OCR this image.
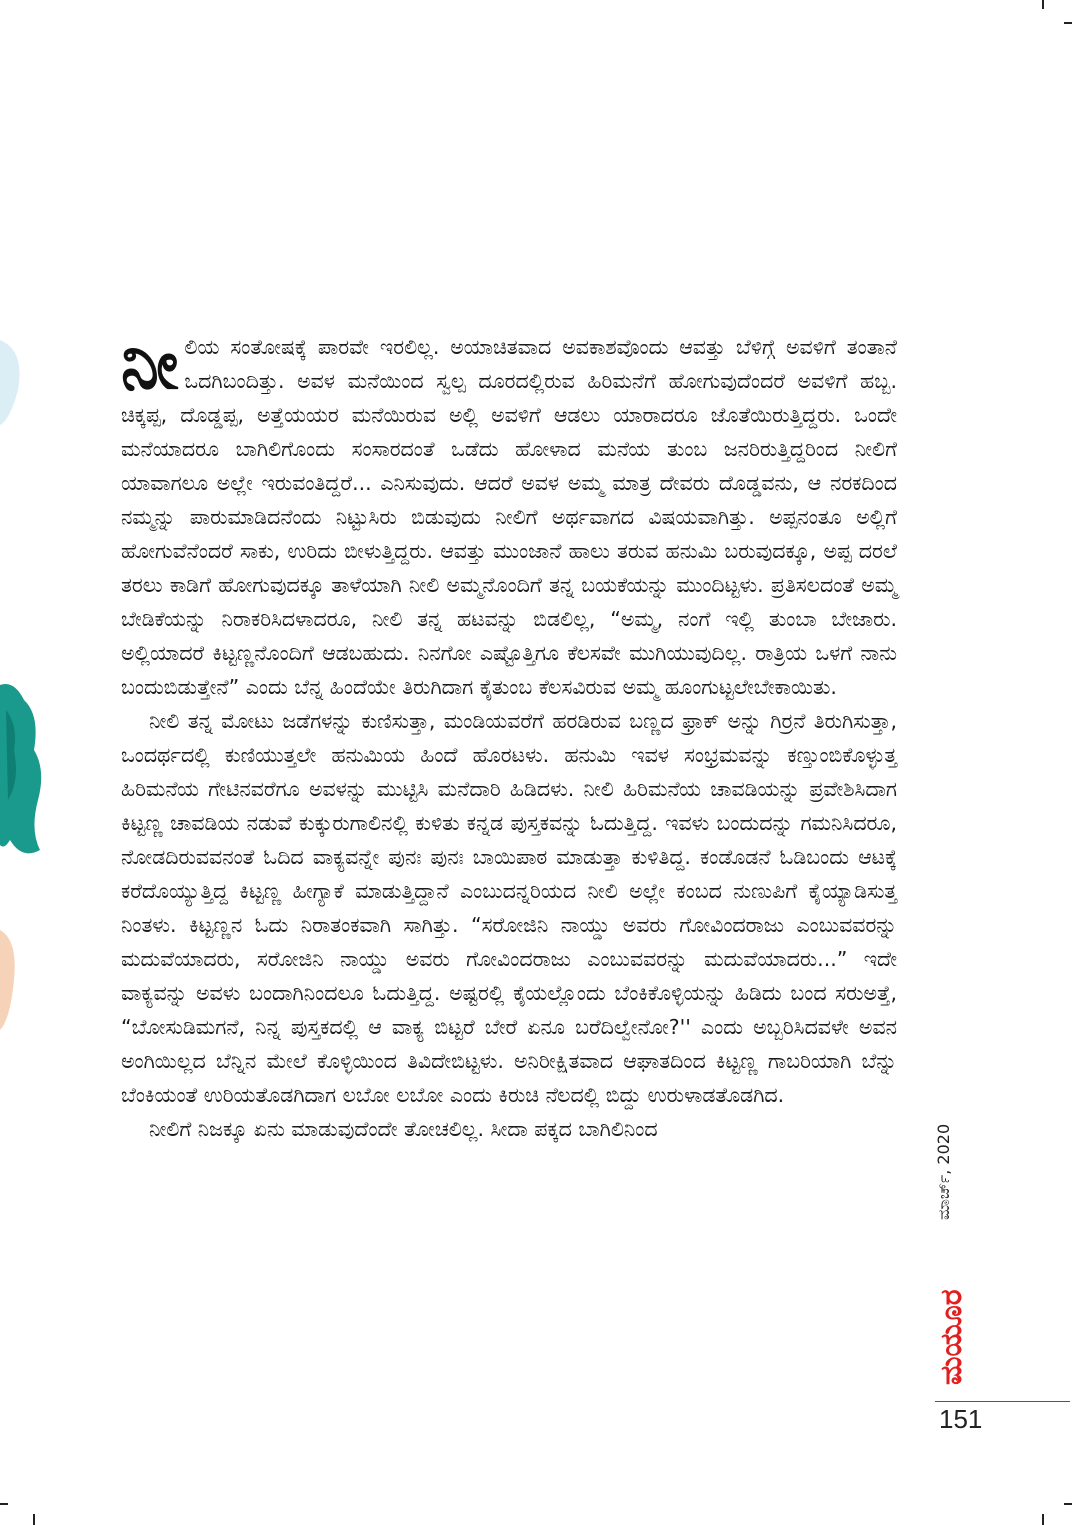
ನೀ ಲಿಯ ಸಂತೋಷಕ್ಕೆ ಪಾರವೇ ಇರಲಿಲ್ಲ. ಅಯಾಚಿತವಾದ ಅವಕಾಶವೊಂದು ಆವತ್ತು ಬೆಳಿಗ್ಗೆ ಅವಳಿಗೆ ತಂತಾನೆ ಒದಗಿಬಂದಿತ್ತು. ಅವಳ ಮನೆಯಿಂದ ಸ್ವಲ್ಪ ದೂರದಲ್ಲಿರುವ ಹಿರಿಮನೆಗೆ ಹೋಗುವುದೆಂದರೆ ಅವಳಿಗೆ ಹಬ್ಬ. ಚಿಕ್ಕಪ್ಪ, ದೊಡ್ಡಪ್ಪ, ಅತ್ತೆಯಯರ ಮನೆಯಿರುವ ಅಲ್ಲಿ ಅವಳಿಗೆ ಆಡಲು ಯಾರಾದರೂ ಜೊತೆಯಿರುತ್ತಿದ್ದರು. ಒಂದೇ ಮನೆಯಾದರೂ ಬಾಗಿಲಿಗೊಂದು ಸಂಸಾರದಂತೆ ಒಡೆದು ಹೋಳಾದ ಮನೆಯ ತುಂಬ ಜನರಿರುತ್ತಿದ್ದರಿಂದ ನೀಲಿಗೆ ಯಾವಾಗಲೂ ಅಲ್ಲೇ ಇರುವಂತಿದ್ದರೆ... ಎನಿಸುವುದು. ಆದರೆ ಅವಳ ಅಮ್ಮ ಮಾತ್ರ ದೇವರು ದೊಡ್ಡವನು, ಆ ನರಕದಿಂದ ನಮ್ಮನ್ನು ಪಾರುಮಾಡಿದನೆಂದು ನಿಟ್ಟುಸಿರು ಬಿಡುವುದು ನೀಲಿಗೆ ಅರ್ಥವಾಗದ ವಿಷಯವಾಗಿತ್ತು. ಅಪ್ಪನಂತೂ ಅಲ್ಲಿಗೆ ಹೋಗುವೆನೆಂದರೆ ಸಾಕು, ಉರಿದು ಬೀಳುತ್ತಿದ್ದರು. ಆವತ್ತು ಮುಂಜಾನೆ ಹಾಲು ತರುವ ಹನುಮಿ ಬರುವುದಕ್ಕೂ, ಅಪ್ಪ ದರಲೆ ತರಲು ಕಾಡಿಗೆ ಹೋಗುವುದಕ್ಕೂ ತಾಳೆಯಾಗಿ ನೀಲಿ ಅಮ್ಮನೊಂದಿಗೆ ತನ್ನ ಬಯಕೆಯನ್ನು ಮುಂದಿಟ್ಟಳು. ಪ್ರತಿಸಲದಂತೆ ಅಮ್ಮ ಬೇಡಿಕೆಯನ್ನು ನಿರಾಕರಿಸಿದಳಾದರೂ, ನೀಲಿ ತನ್ನ ಹಟವನ್ನು ಬಿಡಲಿಲ್ಲ, “ಅಮ್ಮ, ನಂಗೆ ಇಲ್ಲಿ ತುಂಬಾ ಬೇಜಾರು. ಅಲ್ಲಿಯಾದರೆ ಕಿಟ್ಟಣ್ಣನೊಂದಿಗೆ ಆಡಬಹುದು. ನಿನಗೋ ಎಷ್ಟೊತ್ತಿಗೂ ಕೆಲಸವೇ ಮುಗಿಯುವುದಿಲ್ಲ. ರಾತ್ರಿಯ ಒಳಗೆ ನಾನು ಬಂದುಬಿಡುತ್ತೇನೆ” ಎಂದು ಬೆನ್ನ ಹಿಂದೆಯೇ ತಿರುಗಿದಾಗ ಕೈತುಂಬ ಕೆಲಸವಿರುವ ಅಮ್ಮ ಹೂಂಗುಟ್ಟಲೇಬೇಕಾಯಿತು.

ನೀಲಿ ತನ್ನ ಮೋಟು ಜಡೆಗಳನ್ನು ಕುಣಿಸುತ್ತಾ, ಮಂಡಿಯವರೆಗೆ ಹರಡಿರುವ ಬಣ್ಣದ ಫ್ರಾಕ್ ಅನ್ನು ಗಿರ್ರನೆ ತಿರುಗಿಸುತ್ತಾ, ಒಂದರ್ಥದಲ್ಲಿ ಕುಣಿಯುತ್ತಲೇ ಹನುಮಿಯ ಹಿಂದೆ ಹೊರಟಳು. ಹನುಮಿ ಇವಳ ಸಂಭ್ರಮವನ್ನು ಕಣ್ತುಂಬಿಕೊಳ್ಳುತ್ತ ಹಿರಿಮನೆಯ ಗೇಟಿನವರೆಗೂ ಅವಳನ್ನು ಮುಟ್ಟಿಸಿ ಮನೆದಾರಿ ಹಿಡಿದಳು. ನೀಲಿ ಹಿರಿಮನೆಯ ಚಾವಡಿಯನ್ನು ಪ್ರವೇಶಿಸಿದಾಗ ಕಿಟ್ಟಣ್ಣ ಚಾವಡಿಯ ನಡುವೆ ಕುಕ್ಕುರುಗಾಲಿನಲ್ಲಿ ಕುಳಿತು ಕನ್ನಡ ಪುಸ್ತಕವನ್ನು ಓದುತ್ತಿದ್ದ. ಇವಳು ಬಂದುದನ್ನು ಗಮನಿಸಿದರೂ, ನೋಡದಿರುವವನಂತೆ ಓದಿದ ವಾಕ್ಯವನ್ನೇ ಪುನಃ ಪುನಃ ಬಾಯಿಪಾಠ ಮಾಡುತ್ತಾ ಕುಳಿತಿದ್ದ. ಕಂಡೊಡನೆ ಓಡಿಬಂದು ಆಟಕ್ಕೆ ಕರೆದೊಯ್ಯುತ್ತಿದ್ದ ಕಿಟ್ಟಣ್ಣ ಹೀಗ್ಯಾಕೆ ಮಾಡುತ್ತಿದ್ದಾನೆ ಎಂಬುದನ್ನರಿಯದ ನೀಲಿ ಅಲ್ಲೇ ಕಂಬದ ನುಣುಪಿಗೆ ಕೈಯ್ಯಾಡಿಸುತ್ತ ನಿಂತಳು. ಕಿಟ್ಟಣ್ಣನ ಓದು ನಿರಾತಂಕವಾಗಿ ಸಾಗಿತ್ತು. “ಸರೋಜಿನಿ ನಾಯ್ಡು ಅವರು ಗೋವಿಂದರಾಜು ಎಂಬುವವರನ್ನು ಮದುವೆಯಾದರು, ಸರೋಜಿನಿ ನಾಯ್ಡು ಅವರು ಗೋವಿಂದರಾಜು ಎಂಬುವವರನ್ನು ಮದುವೆಯಾದರು...” ಇದೇ ವಾಕ್ಯವನ್ನು ಅವಳು ಬಂದಾಗಿನಿಂದಲೂ ಓದುತ್ತಿದ್ದ. ಅಷ್ಟರಲ್ಲಿ ಕೈಯಲ್ಲೊಂದು ಬೆಂಕಿಕೊಳ್ಳಿಯನ್ನು ಹಿಡಿದು ಬಂದ ಸರುಅತ್ತೆ, “ಬೋಸುಡಿಮಗನೆ, ನಿನ್ನ ಪುಸ್ತಕದಲ್ಲಿ ಆ ವಾಕ್ಯ ಬಿಟ್ಟರೆ ಬೇರೆ ಏನೂ ಬರೆದಿಲ್ವೇನೋ?'' ಎಂದು ಅಬ್ಬರಿಸಿದವಳೇ ಅವನ ಅಂಗಿಯಿಲ್ಲದ ಬೆನ್ನಿನ ಮೇಲೆ ಕೊಳ್ಳಿಯಿಂದ ತಿವಿದೇಬಿಟ್ಟಳು. ಅನಿರೀಕ್ಷಿತವಾದ ಆಘಾತದಿಂದ ಕಿಟ್ಟಣ್ಣ ಗಾಬರಿಯಾಗಿ ಬೆನ್ನು ಬೆಂಕಿಯಂತೆ ಉರಿಯತೊಡಗಿದಾಗ ಲಬೋ ಲಬೋ ಎಂದು ಕಿರುಚಿ ನೆಲದಲ್ಲಿ ಬಿದ್ದು ಉರುಳಾಡತೊಡಗಿದ.

ನೀಲಿಗೆ ನಿಜಕ್ಕೂ ಏನು ಮಾಡುವುದೆಂದೇ ತೋಚಲಿಲ್ಲ. ಸೀದಾ ಪಕ್ಕದ ಬಾಗಿಲಿನಿಂದ	ಮಾರ್ಚ್, 2020
ಮಯೂರ
151
